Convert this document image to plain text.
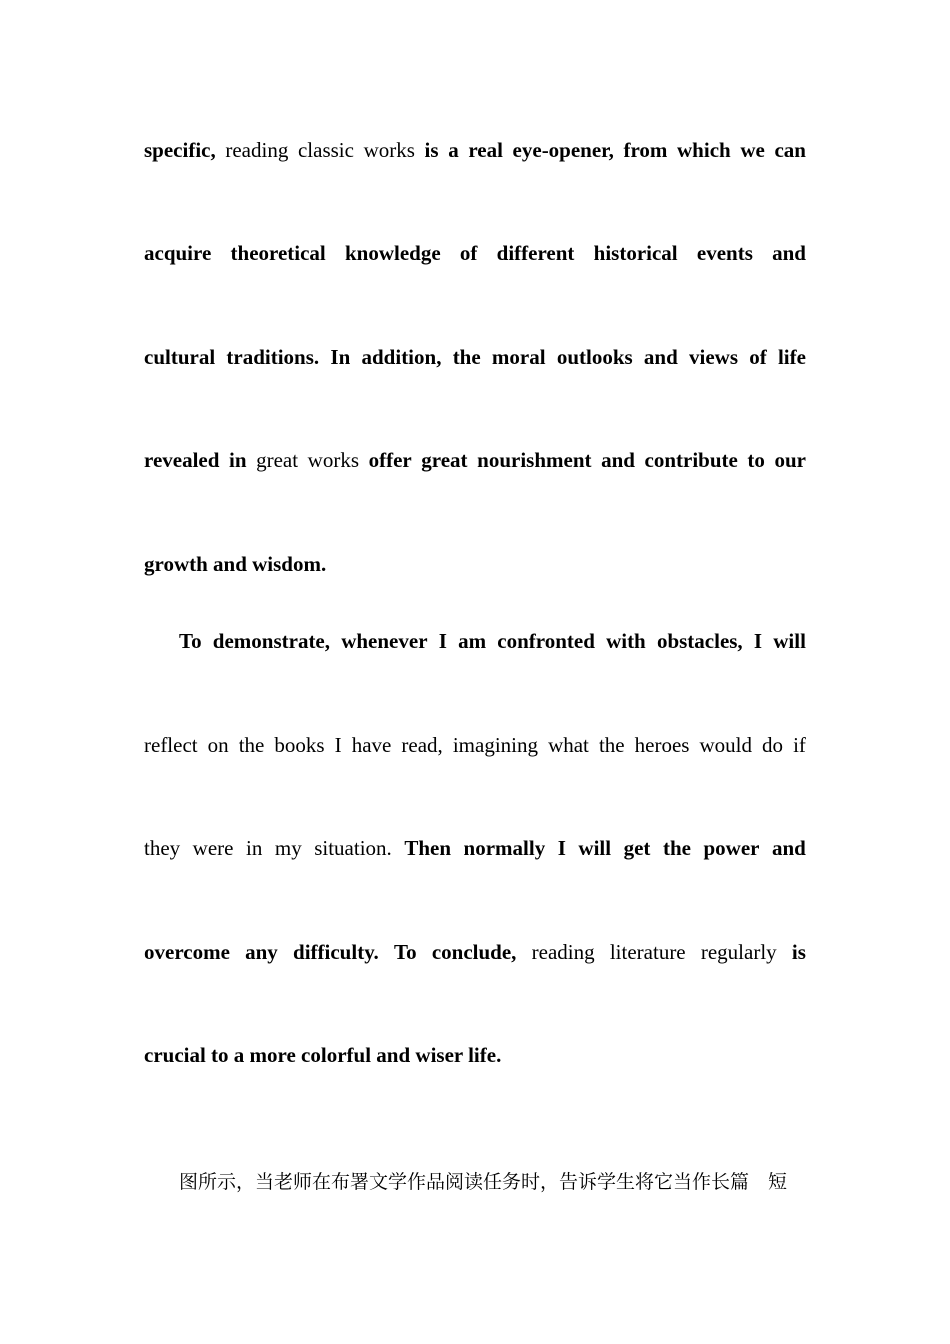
specific, reading classic works is a real eye-opener, from which we can
acquire theoretical knowledge of different historical events and
cultural traditions. In addition, the moral outlooks and views of life
revealed in great works offer great nourishment and contribute to our
growth and wisdom.
To demonstrate, whenever I am confronted with obstacles, I will
reflect on the books I have read, imagining what the heroes would do if
they were in my situation. Then normally I will get the power and
overcome any difficulty. To conclude, reading literature regularly is
crucial to a more colorful and wiser life.
图所示，当老师在布署文学作品阅读任务时，告诉学生将它当作长篇　短
